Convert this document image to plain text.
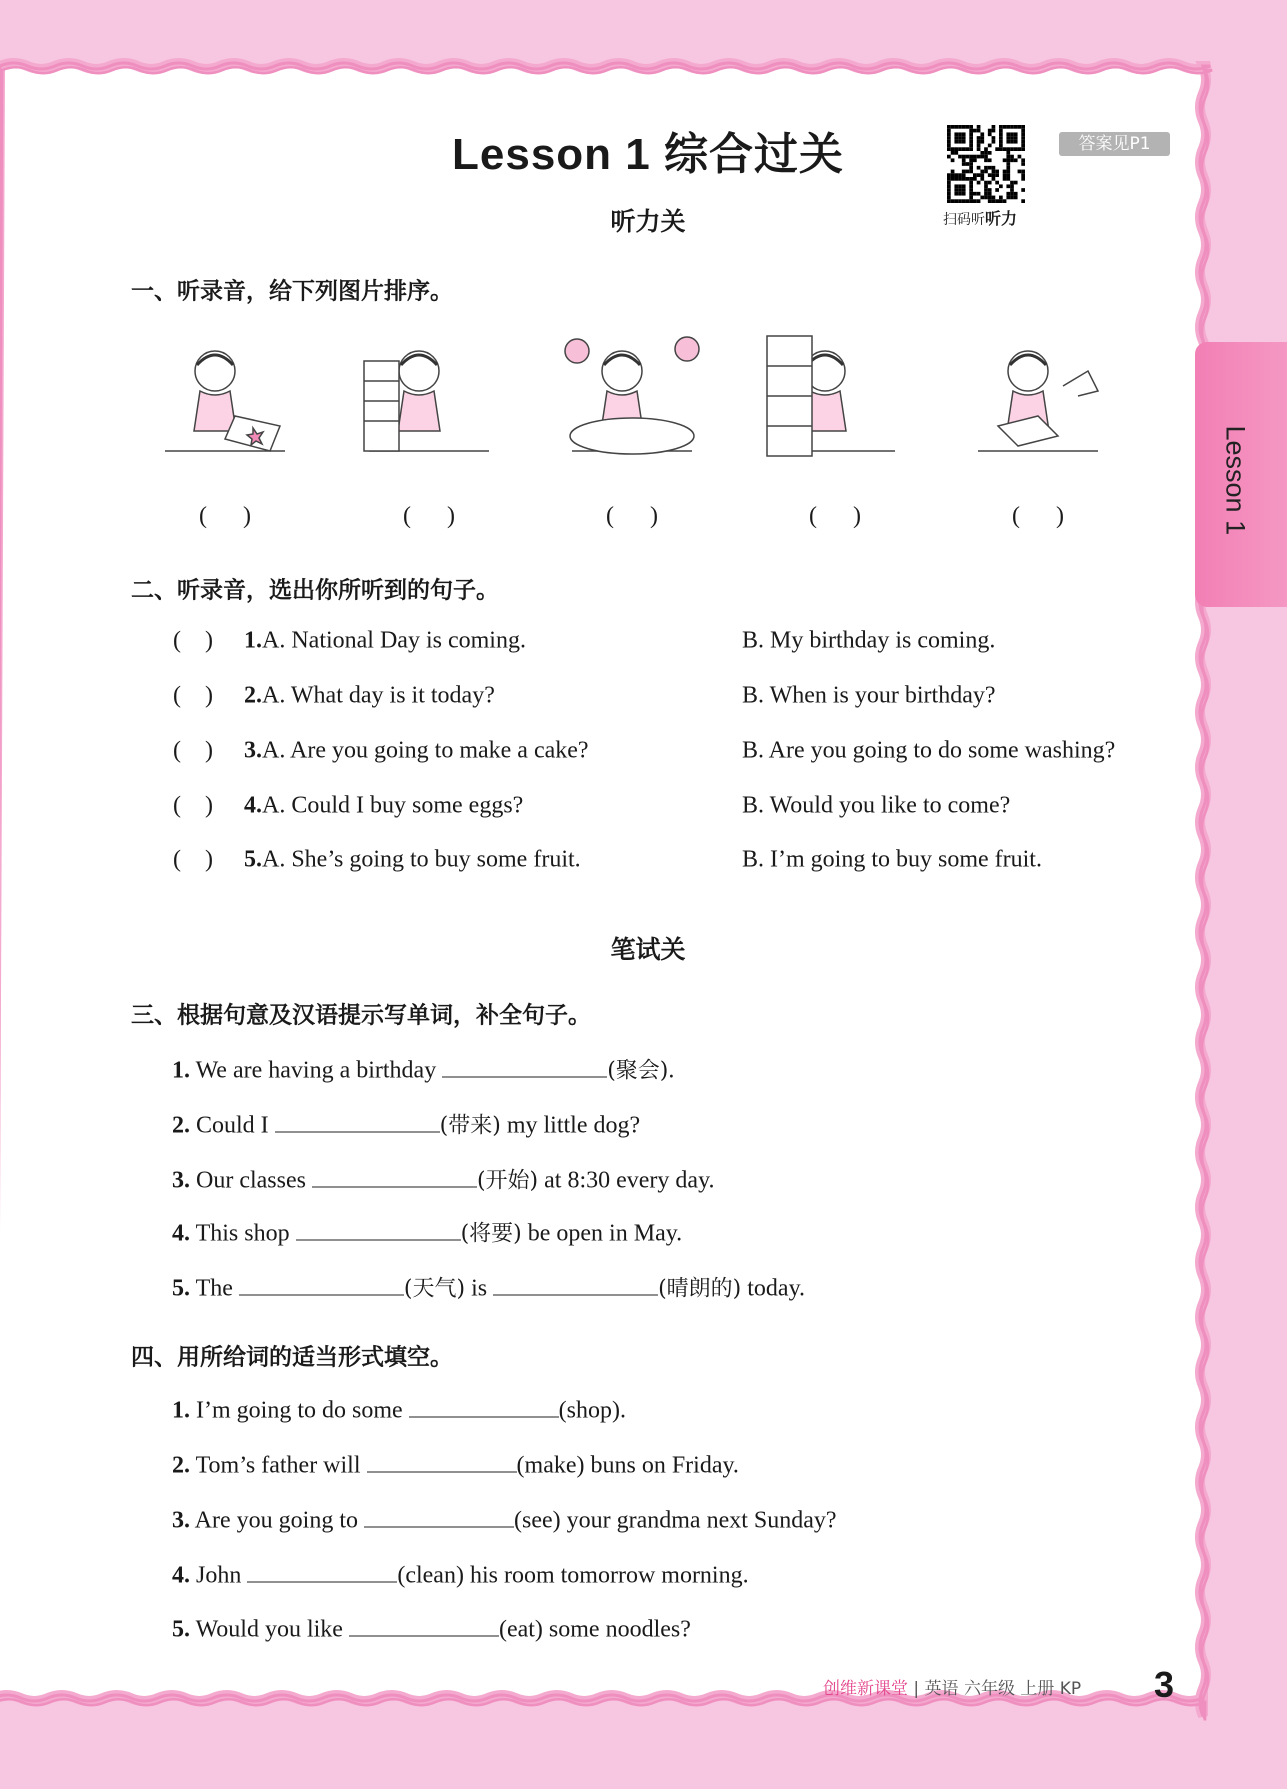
Lesson 1 综合过关
听力关	扫码听听力
答案见P1
Lesson 1
一、听录音，给下列图片排序。
( )	( )	( )	( )	( )
二、听录音，选出你所听到的句子。
(    ) 1.A. National Day is coming.	B. My birthday is coming.
(    ) 2.A. What day is it today?	B. When is your birthday?
(    ) 3.A. Are you going to make a cake?	B. Are you going to do some washing?
(    ) 4.A. Could I buy some eggs?	B. Would you like to come?
(    ) 5.A. She’s going to buy some fruit.	B. I’m going to buy some fruit.
笔试关
三、根据句意及汉语提示写单词，补全句子。
1. We are having a birthday	(聚会).
2. Could I	(带来) my little dog?
3. Our classes	(开始) at 8:30 every day.
4. This shop	(将要) be open in May.
5. The	(天气) is	(晴朗的) today.
四、用所给词的适当形式填空。
1. I’m going to do some	(shop).
2. Tom’s father will	(make) buns on Friday.
3. Are you going to	(see) your grandma next Sunday?
4. John	(clean) his room tomorrow morning.
5. Would you like	(eat) some noodles?
创维新课堂 | 英语 六年级 上册 KP 3
